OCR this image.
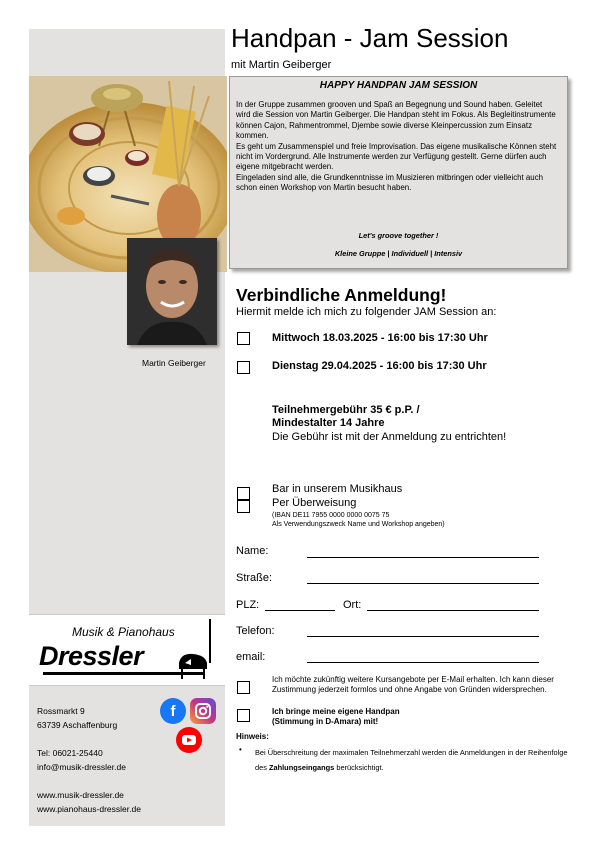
Martin Geiberger
Musik & Pianohaus
Dressler
Rossmarkt 9
63739 Aschaffenburg
Tel: 06021-25440
info@musik-dressler.de
www.musik-dressler.de
www.pianohaus-dressler.de
f
Handpan - Jam Session
mit Martin Geiberger
HAPPY HANDPAN JAM SESSION
In der Gruppe zusammen grooven und Spaß an Begegnung und Sound haben. Geleitet wird die Session von Martin Geiberger. Die Handpan steht im Fokus. Als Begleitinstrumente können Cajon, Rahmentrommel, Djembe sowie diverse Kleinpercussion zum Einsatz kommen.
Es geht um Zusammenspiel und freie Improvisation. Das eigene musikalische Können steht nicht im Vordergrund. Alle Instrumente werden zur Verfügung gestellt. Gerne dürfen auch eigene mitgebracht werden.
Eingeladen sind alle, die Grundkenntnisse im Musizieren mitbringen oder vielleicht auch schon einen Workshop von Martin besucht haben.
Let's groove together !
Kleine Gruppe | Individuell | Intensiv
Verbindliche Anmeldung!
Hiermit melde ich mich zu folgender JAM Session an:
Mittwoch 18.03.2025 - 16:00 bis 17:30 Uhr
Dienstag 29.04.2025 - 16:00 bis 17:30 Uhr
Teilnehmergebühr 35 € p.P. /
Mindestalter 14 Jahre
Die Gebühr ist mit der Anmeldung zu entrichten!
Bar in unserem Musikhaus
Per Überweisung
(IBAN DE11 7955 0000 0000 0075 75
Als Verwendungszweck Name und Workshop angeben)
Name:
Straße:
PLZ:	Ort:
Telefon:
email:
Ich möchte zukünftig weitere Kursangebote per E-Mail erhalten. Ich kann dieser Zustimmung jederzeit formlos und ohne Angabe von Gründen widersprechen.
Ich bringe meine eigene Handpan
(Stimmung in D-Amara) mit!
Hinweis:
• Bei Überschreitung der maximalen Teilnehmerzahl werden die Anmeldungen in der Reihenfolge des Zahlungseingangs berücksichtigt.
